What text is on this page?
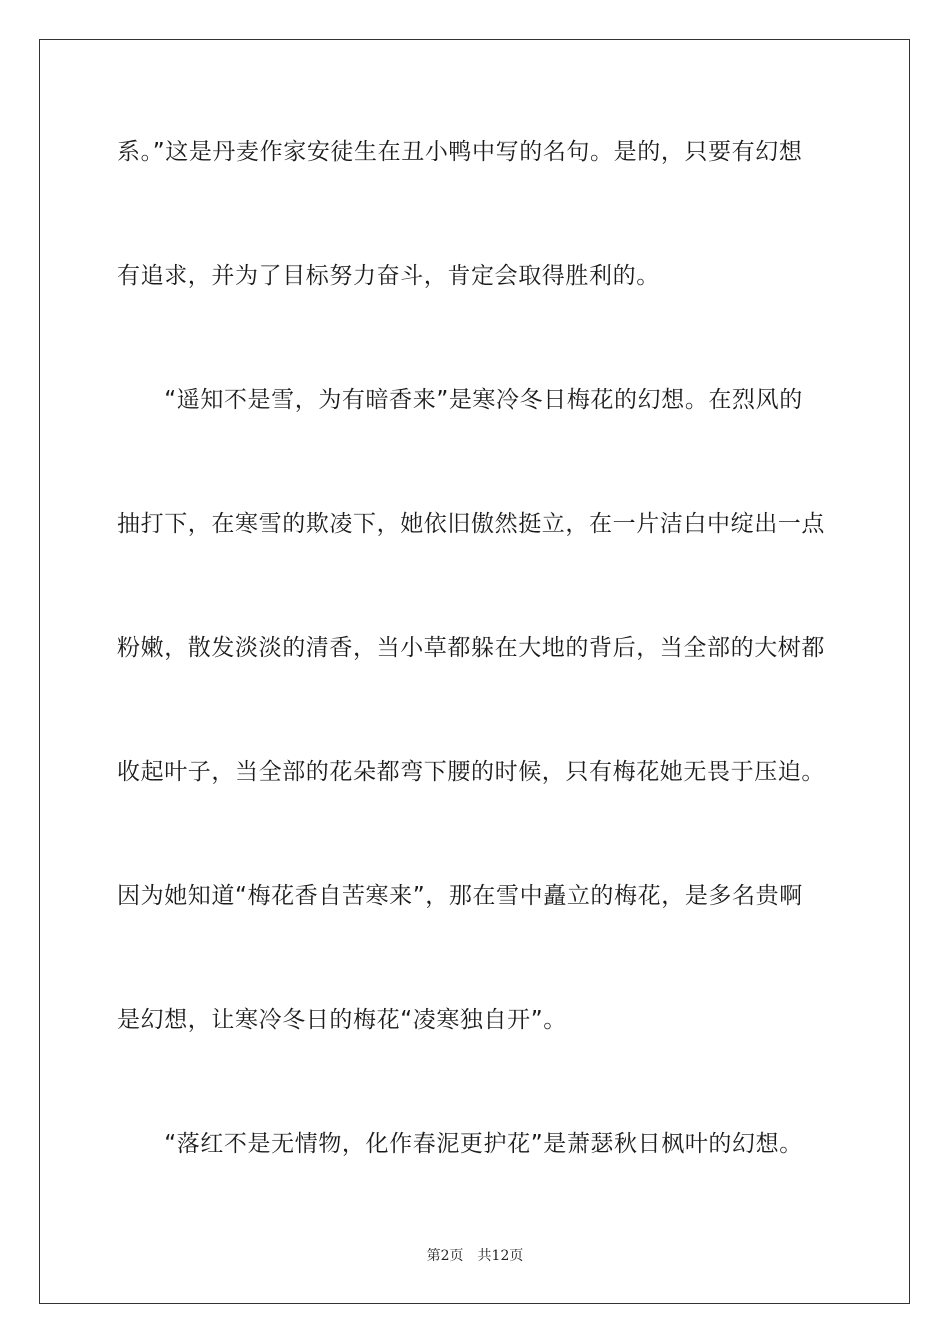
系。”这是丹麦作家安徒生在丑小鸭中写的名句。是的，只要有幻想
有追求，并为了目标努力奋斗，肯定会取得胜利的。
　　“遥知不是雪，为有暗香来”是寒冷冬日梅花的幻想。在烈风的
抽打下，在寒雪的欺凌下，她依旧傲然挺立，在一片洁白中绽出一点
粉嫩，散发淡淡的清香，当小草都躲在大地的背后，当全部的大树都
收起叶子，当全部的花朵都弯下腰的时候，只有梅花她无畏于压迫。
因为她知道“梅花香自苦寒来”，那在雪中矗立的梅花，是多名贵啊
是幻想，让寒冷冬日的梅花“凌寒独自开”。
　　“落红不是无情物，化作春泥更护花”是萧瑟秋日枫叶的幻想。
第2页 共12页
